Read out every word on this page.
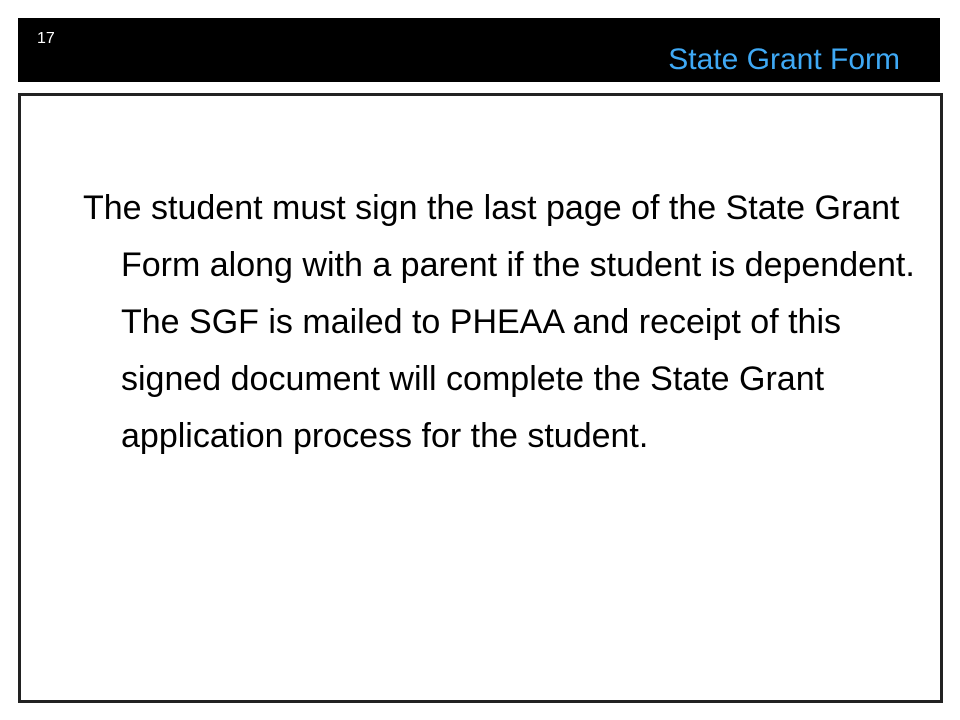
17
State Grant Form

The student must sign the last page of the State Grant Form along with a parent if the student is dependent. The SGF is mailed to PHEAA and receipt of this signed document will complete the State Grant application process for the student.
